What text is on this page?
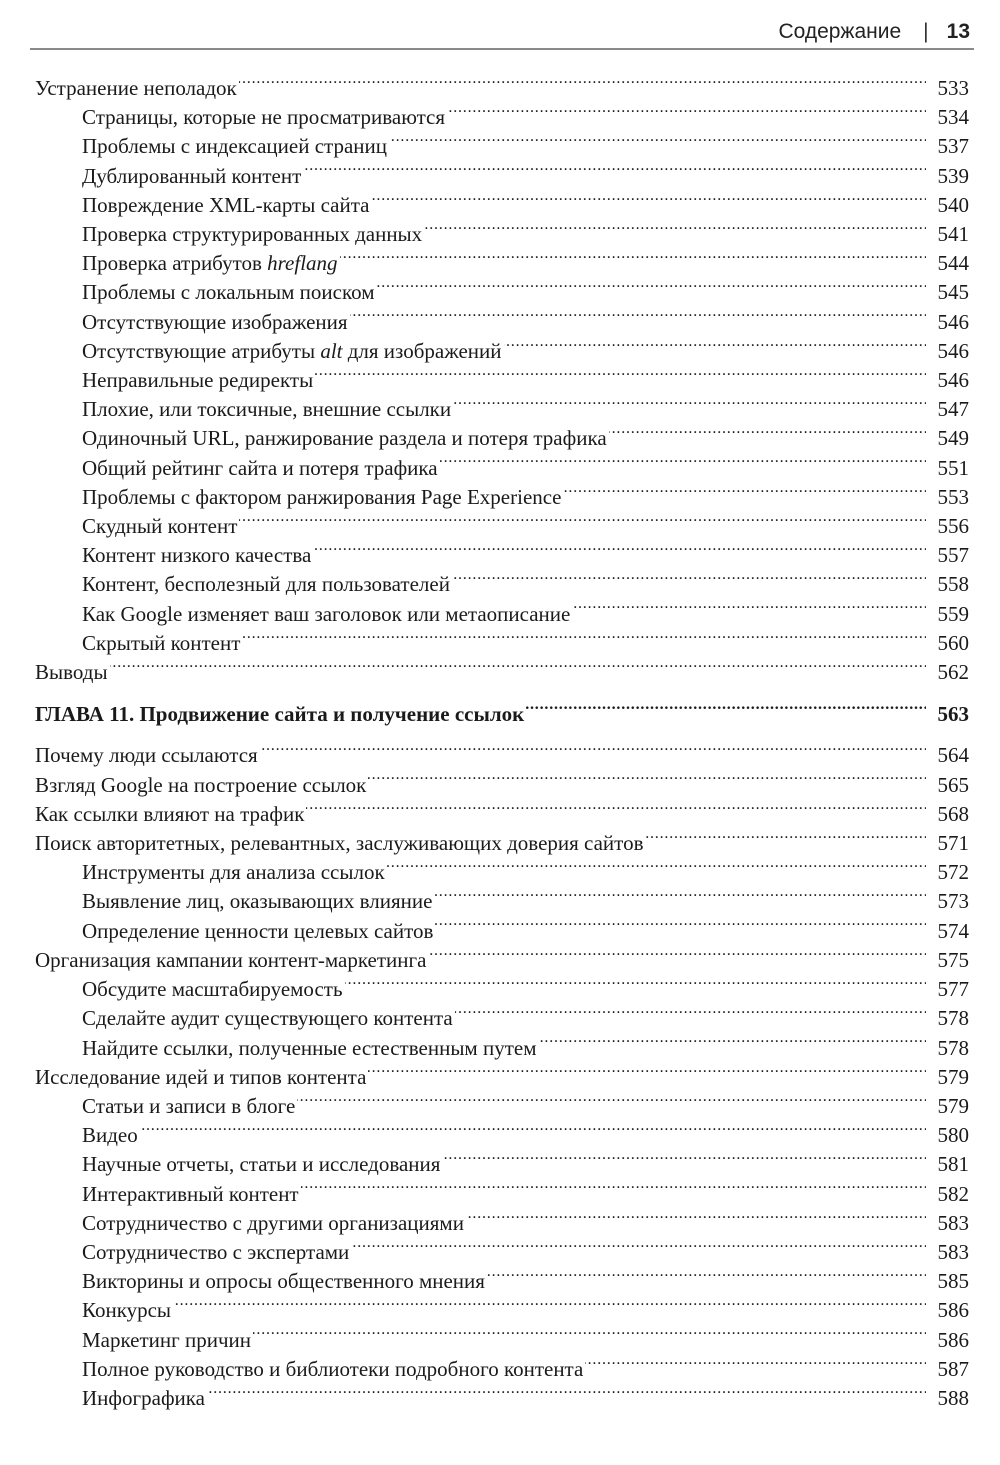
Содержание | 13
Устранение неполадок . . .	533
Страницы, которые не просматриваются . . .	534
Проблемы с индексацией страниц . . .	537
Дублированный контент . . .	539
Повреждение XML-карты сайта . . .	540
Проверка структурированных данных . . .	541
Проверка атрибутов hreflang . . .	544
Проблемы с локальным поиском . . .	545
Отсутствующие изображения . . .	546
Отсутствующие атрибуты alt для изображений . . .	546
Неправильные редиректы . . .	546
Плохие, или токсичные, внешние ссылки . . .	547
Одиночный URL, ранжирование раздела и потеря трафика . . .	549
Общий рейтинг сайта и потеря трафика . . .	551
Проблемы с фактором ранжирования Page Experience . . .	553
Скудный контент . . .	556
Контент низкого качества . . .	557
Контент, бесполезный для пользователей . . .	558
Как Google изменяет ваш заголовок или метаописание . . .	559
Скрытый контент . . .	560
Выводы . . .	562
ГЛАВА 11. Продвижение сайта и получение ссылок . . .	563
Почему люди ссылаются . . .	564
Взгляд Google на построение ссылок . . .	565
Как ссылки влияют на трафик . . .	568
Поиск авторитетных, релевантных, заслуживающих доверия сайтов . . .	571
Инструменты для анализа ссылок . . .	572
Выявление лиц, оказывающих влияние . . .	573
Определение ценности целевых сайтов . . .	574
Организация кампании контент-маркетинга . . .	575
Обсудите масштабируемость . . .	577
Сделайте аудит существующего контента . . .	578
Найдите ссылки, полученные естественным путем . . .	578
Исследование идей и типов контента . . .	579
Статьи и записи в блоге . . .	579
Видео . . .	580
Научные отчеты, статьи и исследования . . .	581
Интерактивный контент . . .	582
Сотрудничество с другими организациями . . .	583
Сотрудничество с экспертами . . .	583
Викторины и опросы общественного мнения . . .	585
Конкурсы . . .	586
Маркетинг причин . . .	586
Полное руководство и библиотеки подробного контента . . .	587
Инфографика . . .	588
